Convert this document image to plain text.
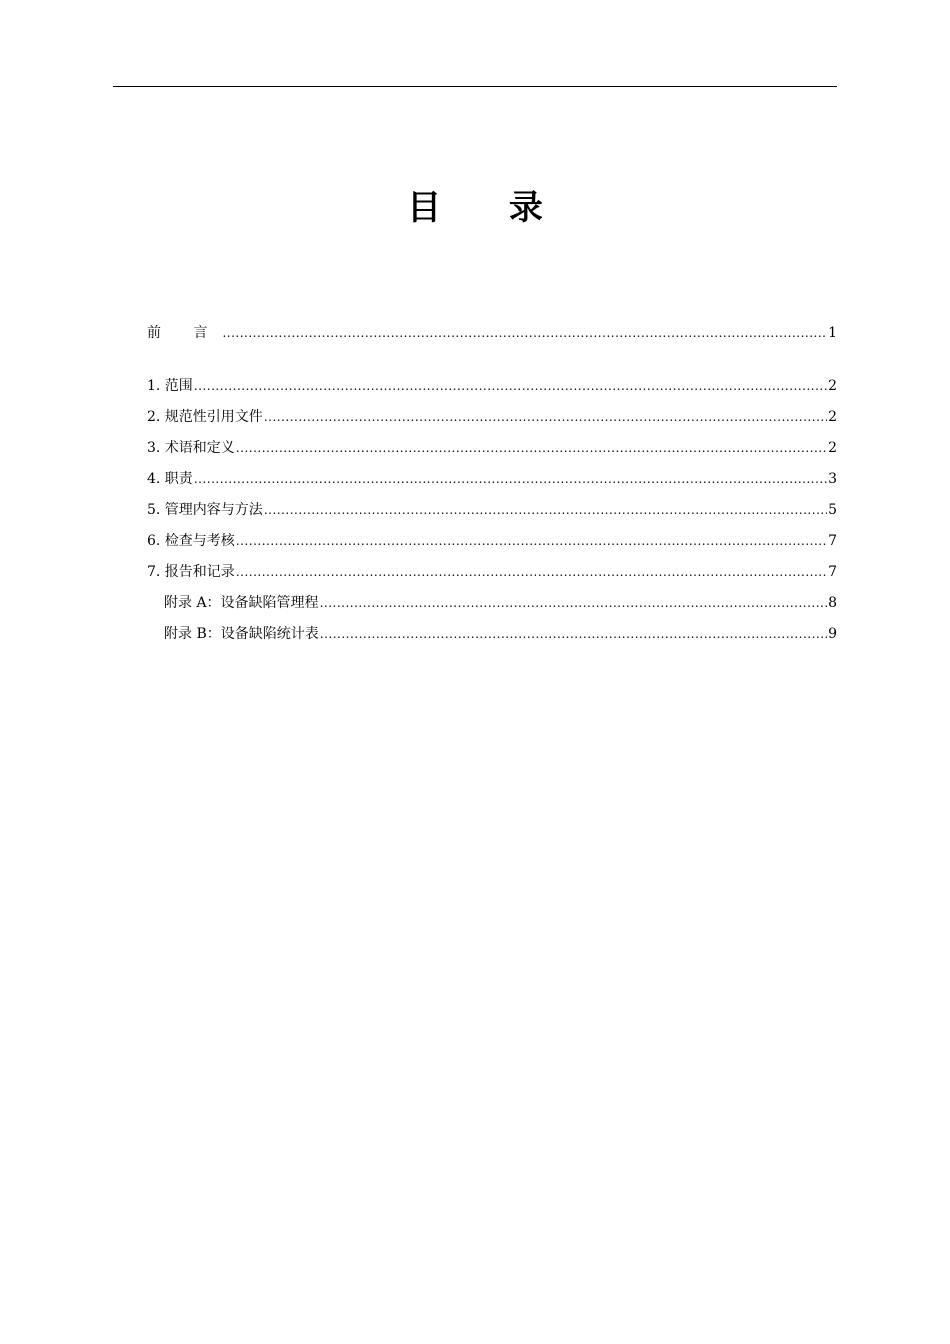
目 录
前 言 .....	1
1. 范围 .....	2
2. 规范性引用文件 .....	2
3. 术语和定义 .....	2
4. 职责 .....	3
5. 管理内容与方法 .....	5
6. 检查与考核 .....	7
7. 报告和记录 .....	7
附录 A：设备缺陷管理程 .....	8
附录 B：设备缺陷统计表 .....	9
